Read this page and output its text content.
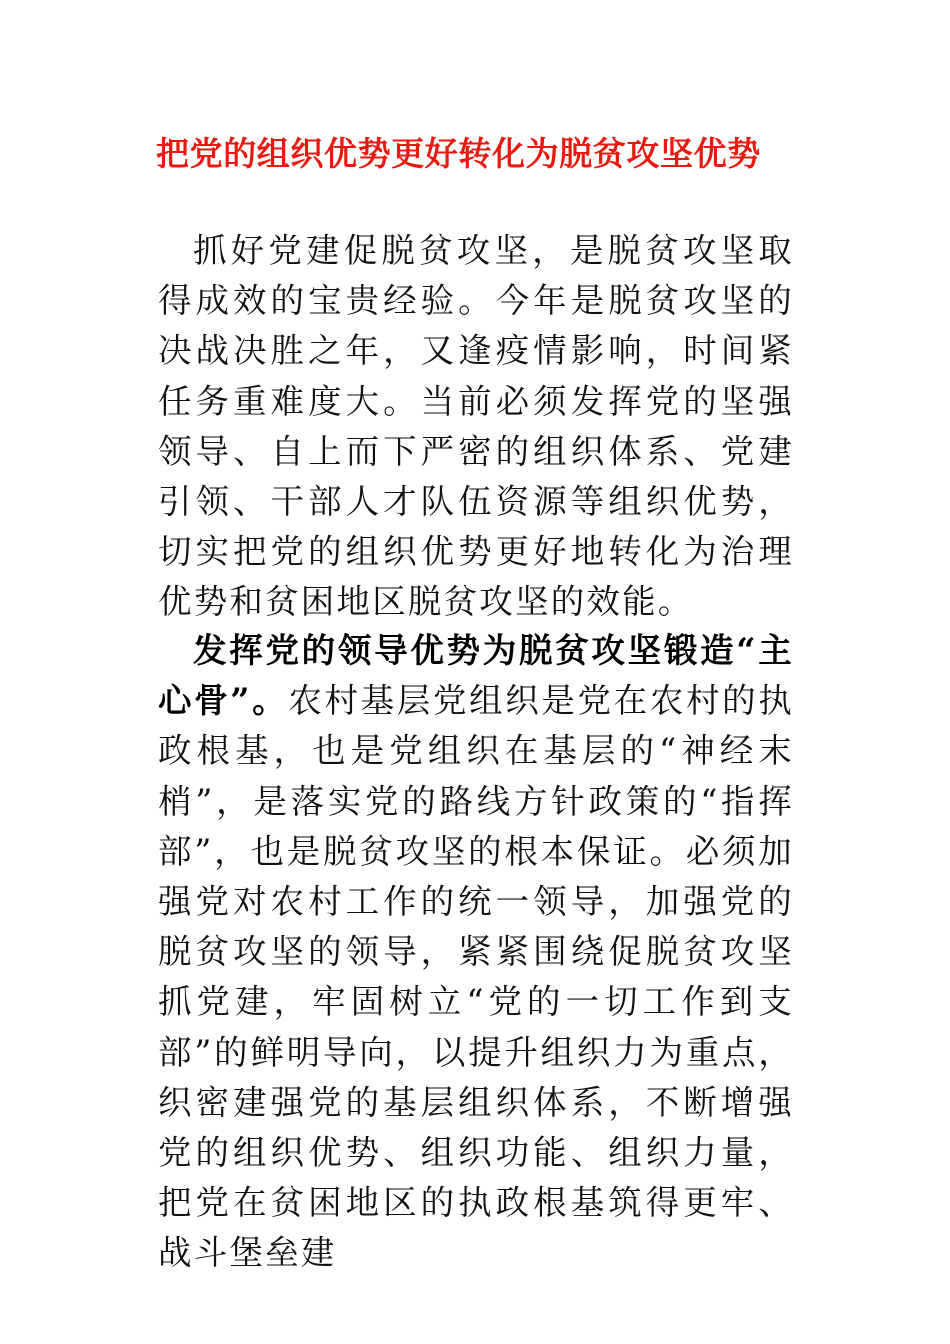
把党的组织优势更好转化为脱贫攻坚优势

抓好党建促脱贫攻坚，是脱贫攻坚取得成效的宝贵经验。今年是脱贫攻坚的决战决胜之年，又逢疫情影响，时间紧任务重难度大。当前必须发挥党的坚强领导、自上而下严密的组织体系、党建引领、干部人才队伍资源等组织优势，切实把党的组织优势更好地转化为治理优势和贫困地区脱贫攻坚的效能。

发挥党的领导优势为脱贫攻坚锻造“主心骨”。农村基层党组织是党在农村的执政根基，也是党组织在基层的“神经末梢”，是落实党的路线方针政策的“指挥部”，也是脱贫攻坚的根本保证。必须加强党对农村工作的统一领导，加强党的脱贫攻坚的领导，紧紧围绕促脱贫攻坚抓党建，牢固树立“党的一切工作到支部”的鲜明导向，以提升组织力为重点，织密建强党的基层组织体系，不断增强党的组织优势、组织功能、组织力量，把党在贫困地区的执政根基筑得更牢、战斗堡垒建
